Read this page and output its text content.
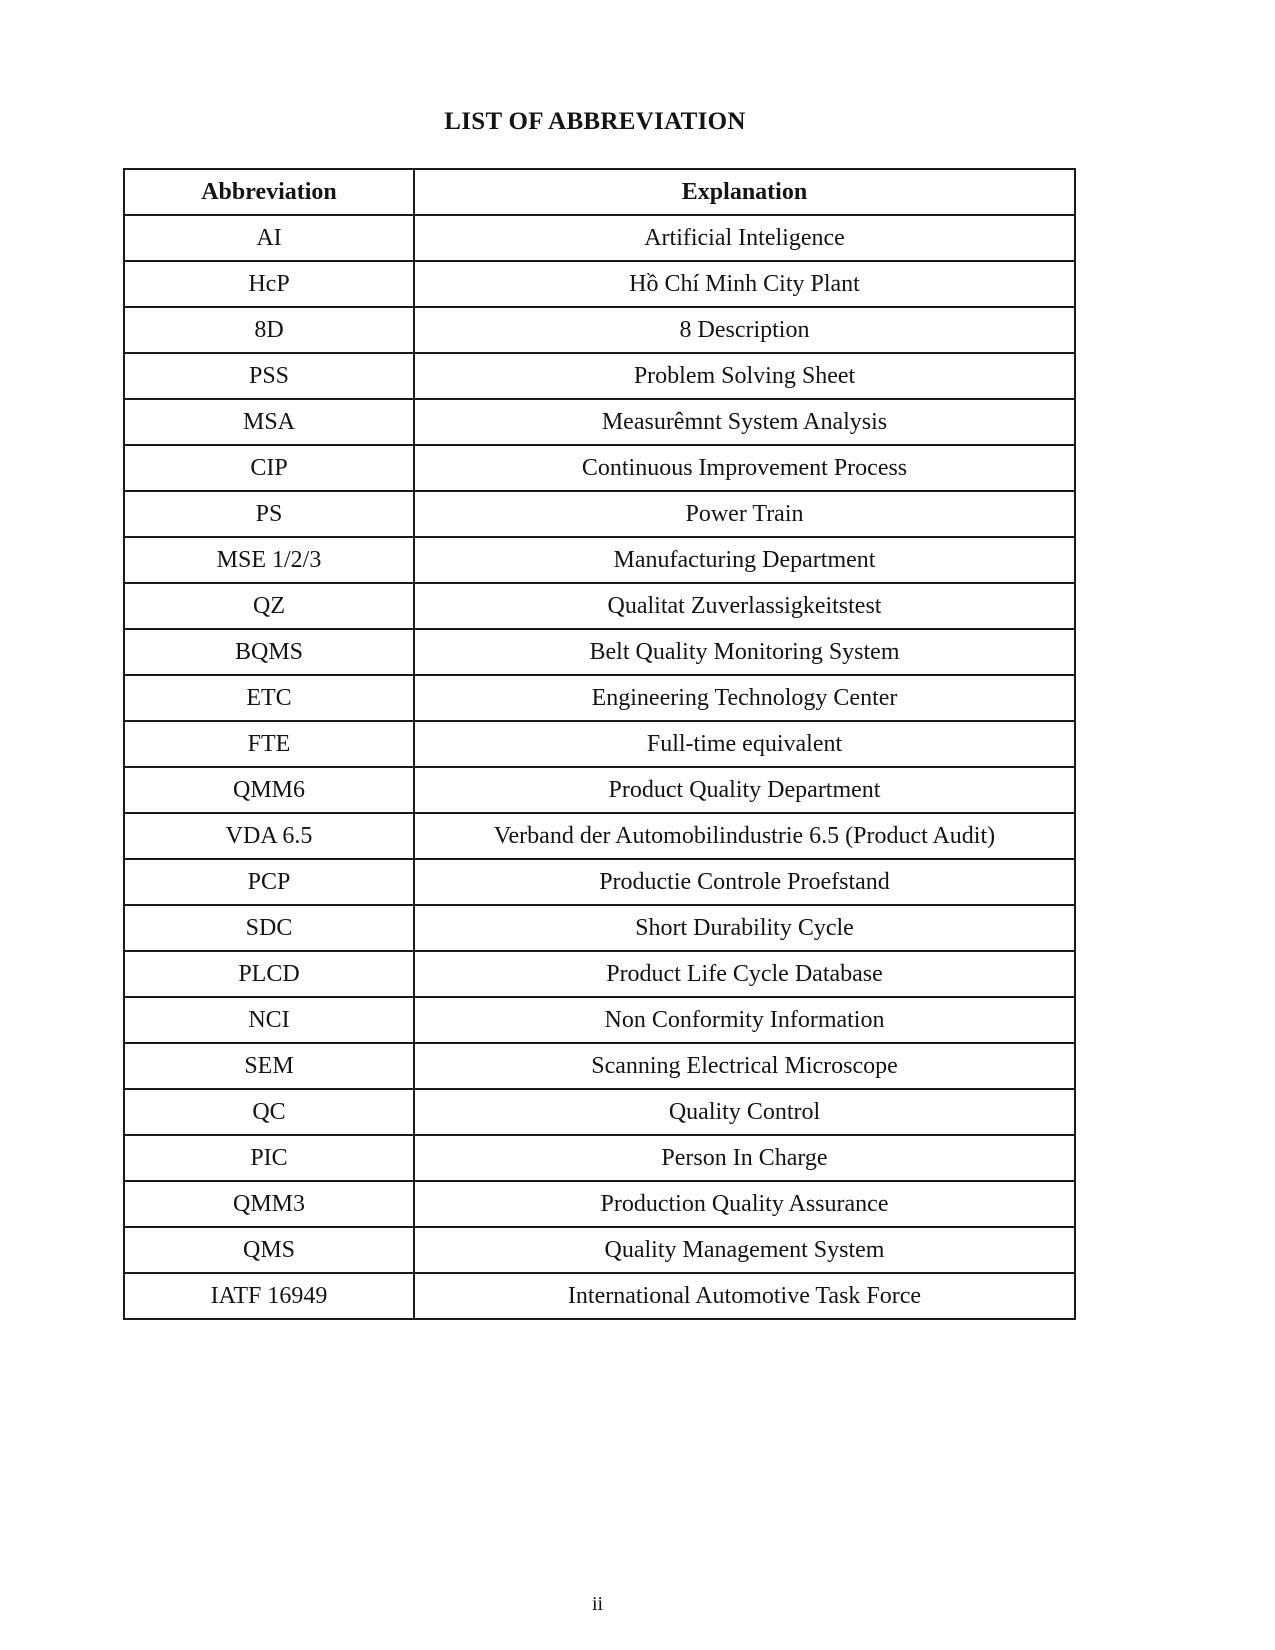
LIST OF ABBREVIATION
Abbreviation	Explanation
AI	Artificial Inteligence
HcP	Hồ Chí Minh City Plant
8D	8 Description
PSS	Problem Solving Sheet
MSA	Measurêmnt System Analysis
CIP	Continuous Improvement Process
PS	Power Train
MSE 1/2/3	Manufacturing Department
QZ	Qualitat Zuverlassigkeitstest
BQMS	Belt Quality Monitoring System
ETC	Engineering Technology Center
FTE	Full-time equivalent
QMM6	Product Quality Department
VDA 6.5	Verband der Automobilindustrie 6.5 (Product Audit)
PCP	Productie Controle Proefstand
SDC	Short Durability Cycle
PLCD	Product Life Cycle Database
NCI	Non Conformity Information
SEM	Scanning Electrical Microscope
QC	Quality Control
PIC	Person In Charge
QMM3	Production Quality Assurance
QMS	Quality Management System
IATF 16949	International Automotive Task Force
ii
